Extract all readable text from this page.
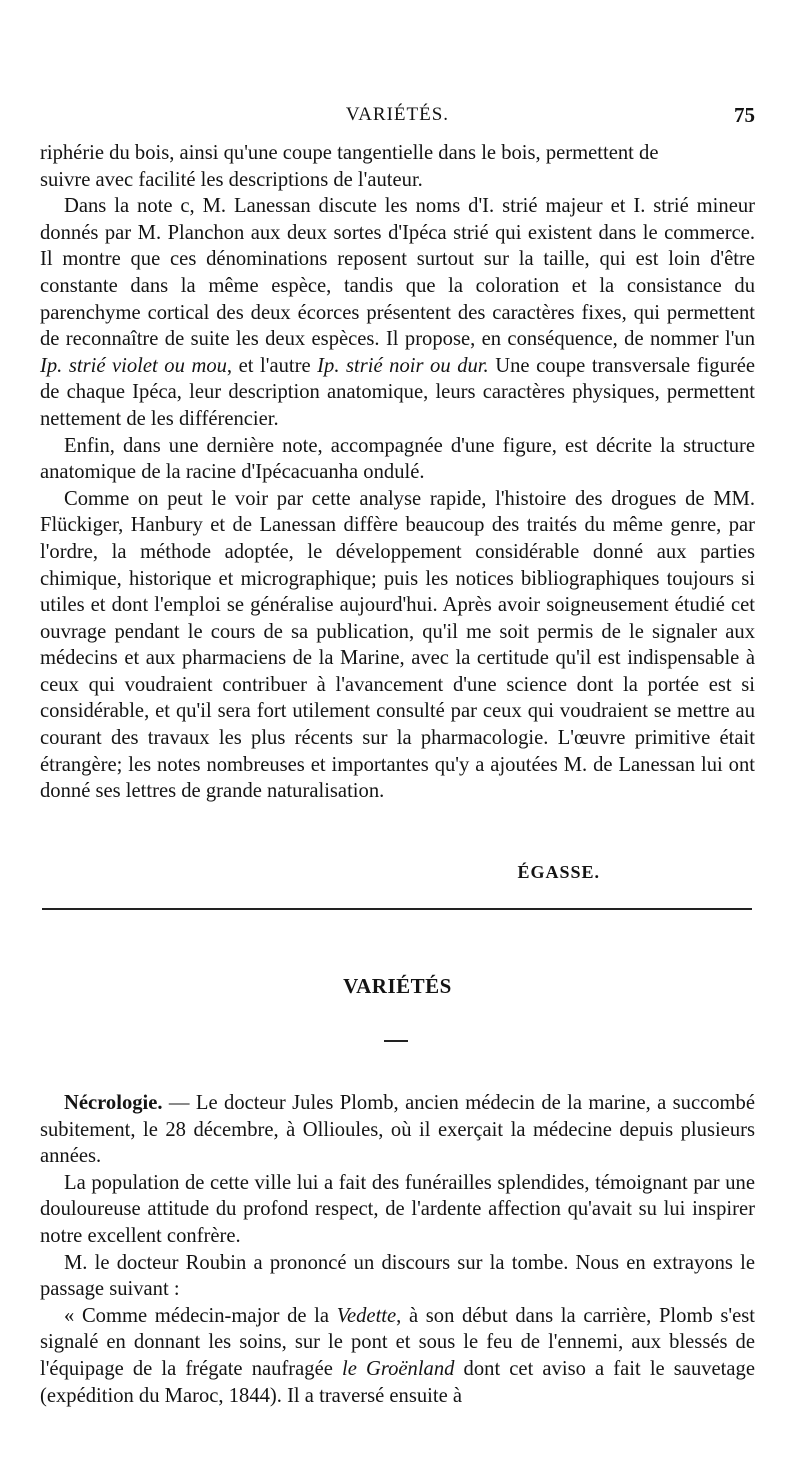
VARIÉTÉS.	75

riphérie du bois, ainsi qu'une coupe tangentielle dans le bois, permettent de
suivre avec facilité les descriptions de l'auteur.

Dans la note c, M. Lanessan discute les noms d'I. strié majeur et I. strié mineur donnés par M. Planchon aux deux sortes d'Ipéca strié qui existent dans le commerce. Il montre que ces dénominations reposent surtout sur la taille, qui est loin d'être constante dans la même espèce, tandis que la coloration et la consistance du parenchyme cortical des deux écorces présentent des caractères fixes, qui permettent de reconnaître de suite les deux espèces. Il propose, en conséquence, de nommer l'un Ip. strié violet ou mou, et l'autre Ip. strié noir ou dur. Une coupe transversale figurée de chaque Ipéca, leur description anatomique, leurs caractères physiques, permettent nettement de les différencier.

Enfin, dans une dernière note, accompagnée d'une figure, est décrite la structure anatomique de la racine d'Ipécacuanha ondulé.

Comme on peut le voir par cette analyse rapide, l'histoire des drogues de MM. Flückiger, Hanbury et de Lanessan diffère beaucoup des traités du même genre, par l'ordre, la méthode adoptée, le développement considérable donné aux parties chimique, historique et micrographique; puis les notices bibliographiques toujours si utiles et dont l'emploi se généralise aujourd'hui. Après avoir soigneusement étudié cet ouvrage pendant le cours de sa publication, qu'il me soit permis de le signaler aux médecins et aux pharmaciens de la Marine, avec la certitude qu'il est indispensable à ceux qui voudraient contribuer à l'avancement d'une science dont la portée est si considérable, et qu'il sera fort utilement consulté par ceux qui voudraient se mettre au courant des travaux les plus récents sur la pharmacologie. L'œuvre primitive était étrangère; les notes nombreuses et importantes qu'y a ajoutées M. de Lanessan lui ont donné ses lettres de grande naturalisation.

ÉGASSE.
VARIÉTÉS

Nécrologie. — Le docteur Jules Plomb, ancien médecin de la marine, a succombé subitement, le 28 décembre, à Ollioules, où il exerçait la médecine depuis plusieurs années.

La population de cette ville lui a fait des funérailles splendides, témoignant par une douloureuse attitude du profond respect, de l'ardente affection qu'avait su lui inspirer notre excellent confrère.

M. le docteur Roubin a prononcé un discours sur la tombe. Nous en extrayons le passage suivant :

« Comme médecin-major de la Vedette, à son début dans la carrière, Plomb s'est signalé en donnant les soins, sur le pont et sous le feu de l'ennemi, aux blessés de l'équipage de la frégate naufragée le Groënland dont cet aviso a fait le sauvetage (expédition du Maroc, 1844). Il a traversé ensuite à
